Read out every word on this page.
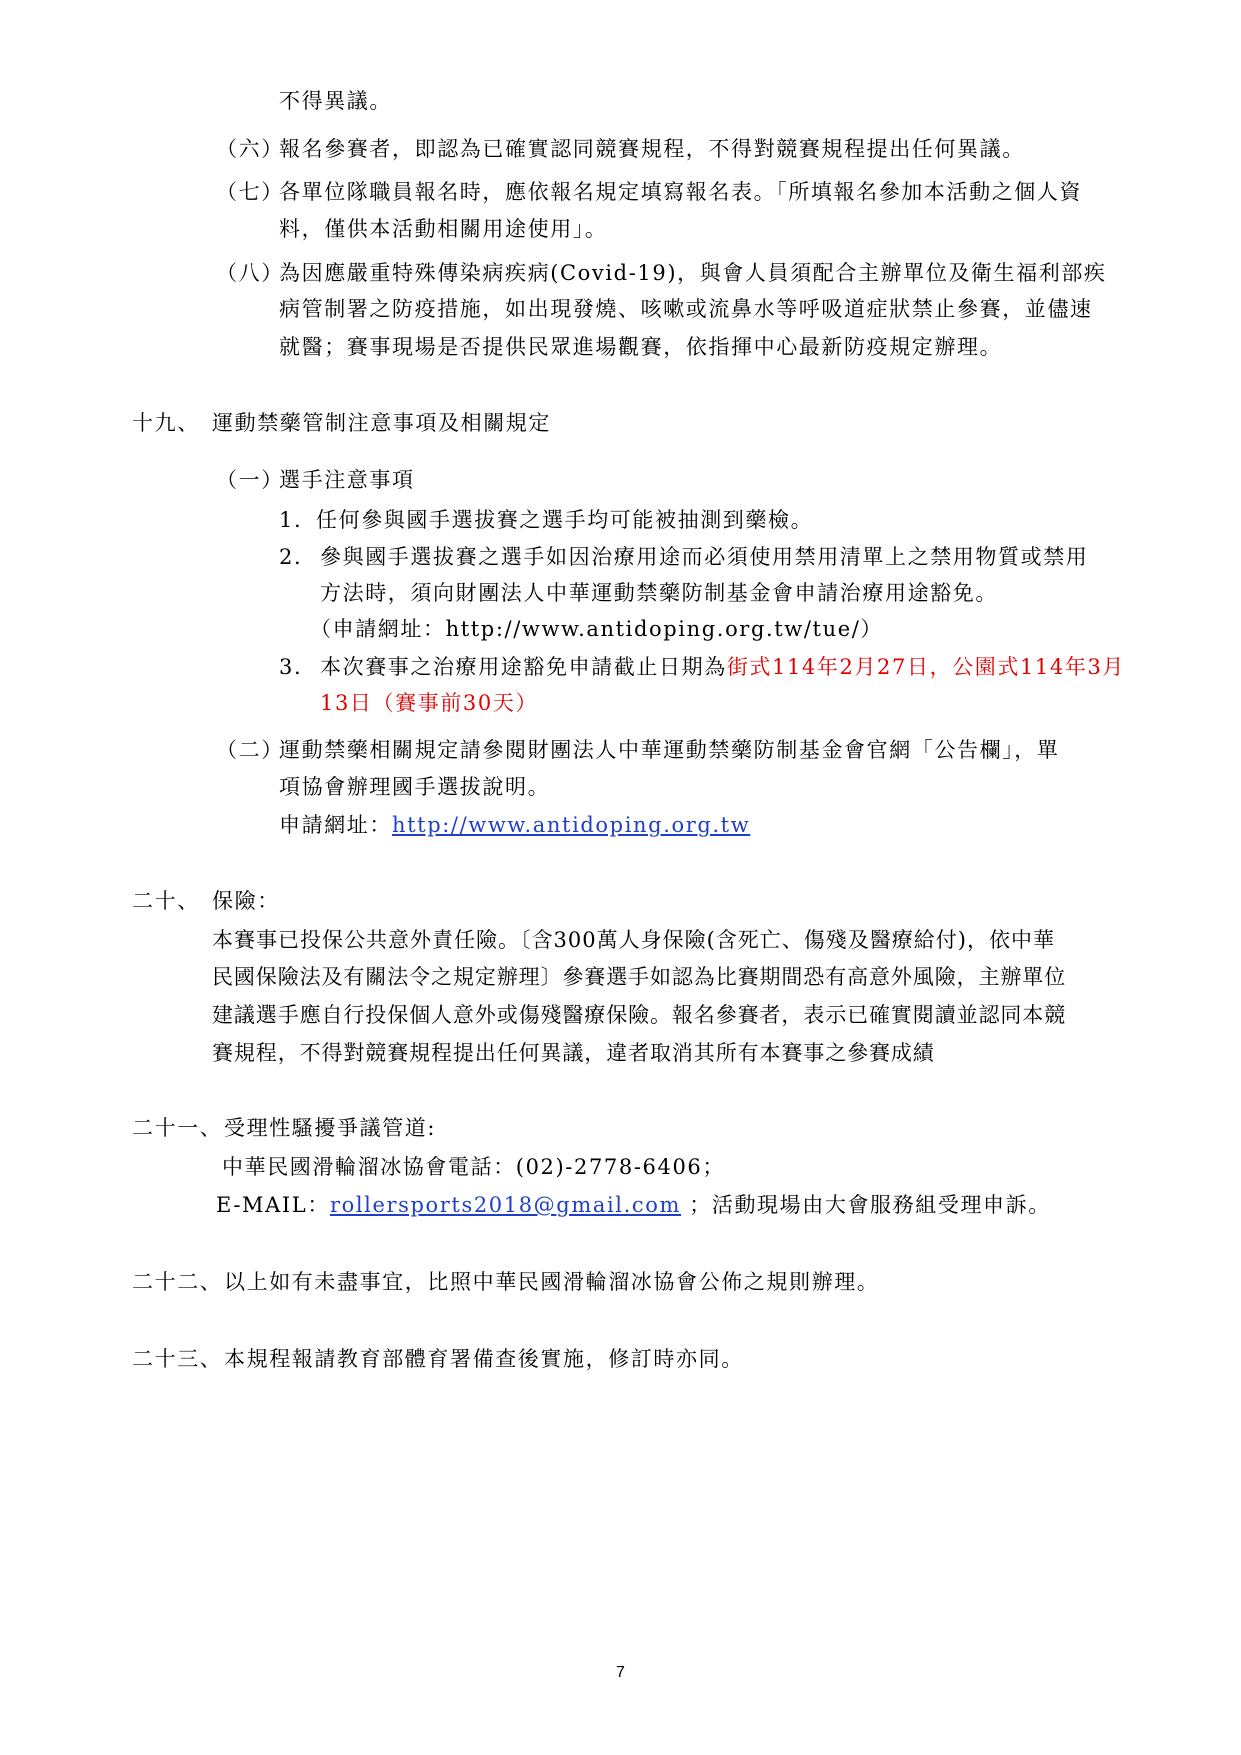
不得異議。
（六）
報名參賽者，即認為已確實認同競賽規程，不得對競賽規程提出任何異議。
（七）
各單位隊職員報名時，應依報名規定填寫報名表。「所填報名參加本活動之個人資
料，僅供本活動相關用途使用」。
（八）
為因應嚴重特殊傳染病疾病(Covid-19)，與會人員須配合主辦單位及衛生福利部疾
病管制署之防疫措施，如出現發燒、咳嗽或流鼻水等呼吸道症狀禁止參賽，並儘速
就醫；賽事現場是否提供民眾進場觀賽，依指揮中心最新防疫規定辦理。
十九、 運動禁藥管制注意事項及相關規定
（一）
選手注意事項
1. 任何參與國手選拔賽之選手均可能被抽測到藥檢。
2. 參與國手選拔賽之選手如因治療用途而必須使用禁用清單上之禁用物質或禁用
方法時，須向財團法人中華運動禁藥防制基金會申請治療用途豁免。
（申請網址：http://www.antidoping.org.tw/tue/）
3. 本次賽事之治療用途豁免申請截止日期為街式114年2月27日，公園式114年3月
13日（賽事前30天）
（二）
運動禁藥相關規定請參閱財團法人中華運動禁藥防制基金會官網「公告欄」，單
項協會辦理國手選拔說明。
申請網址：http://www.antidoping.org.tw
二十、 保險：
本賽事已投保公共意外責任險。〔含300萬人身保險(含死亡、傷殘及醫療給付)，依中華
民國保險法及有關法令之規定辦理〕參賽選手如認為比賽期間恐有高意外風險，主辦單位
建議選手應自行投保個人意外或傷殘醫療保險。報名參賽者，表示已確實閱讀並認同本競
賽規程，不得對競賽規程提出任何異議，違者取消其所有本賽事之參賽成績
二十一、 受理性騷擾爭議管道:
中華民國滑輪溜冰協會電話：(02)-2778-6406；
E-MAIL：rollersports2018@gmail.com ；活動現場由大會服務組受理申訴。
二十二、 以上如有未盡事宜，比照中華民國滑輪溜冰協會公佈之規則辦理。
二十三、 本規程報請教育部體育署備查後實施，修訂時亦同。
7
